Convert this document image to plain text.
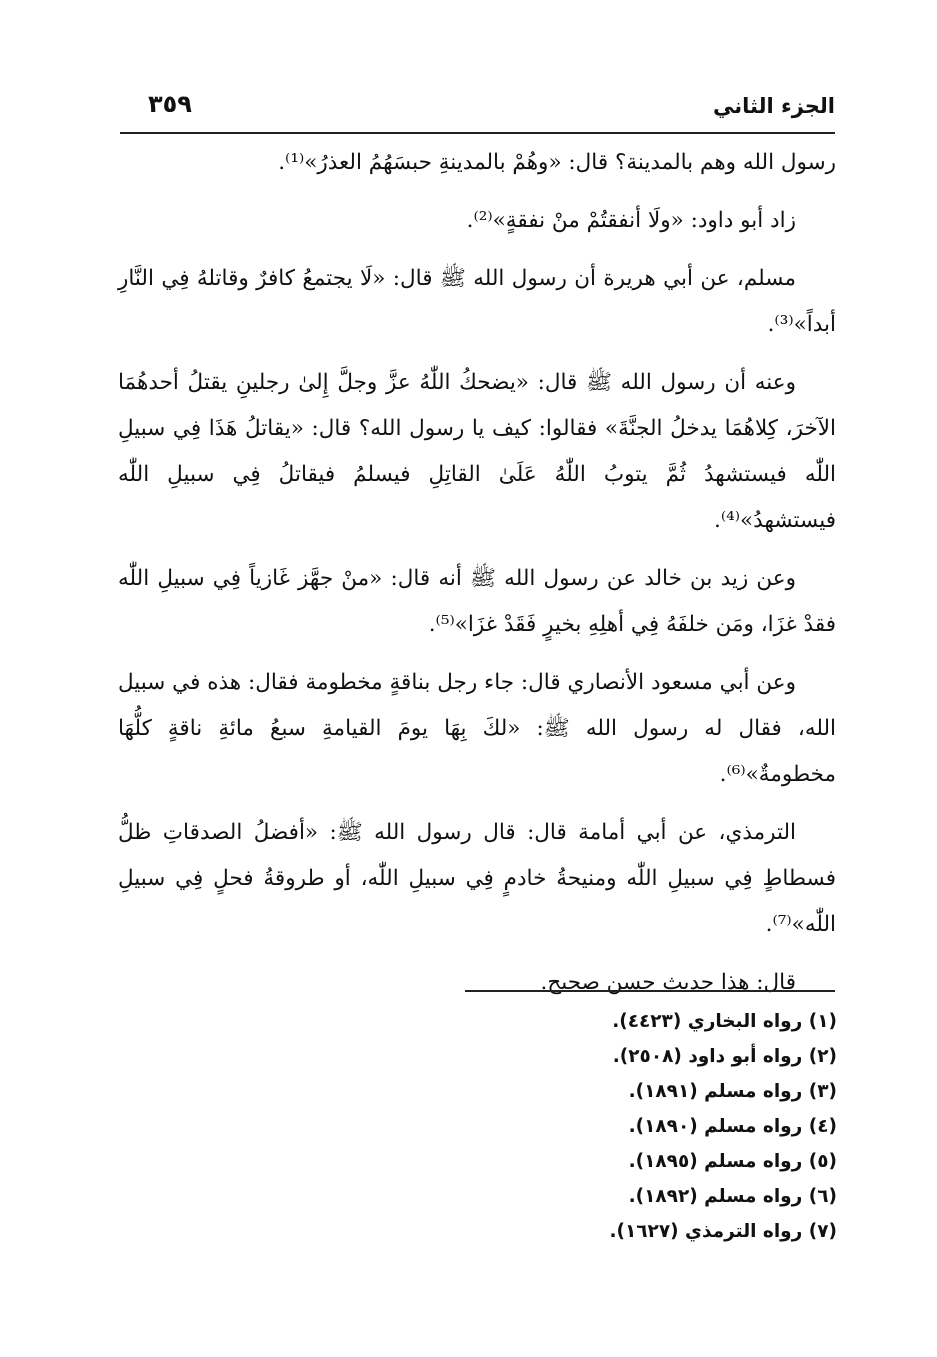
الجزء الثاني
٣٥٩

رسول الله وهم بالمدينة؟ قال: «وهُمْ بالمدينةِ حبسَهُمُ العذرُ»⁽¹⁾.

زاد أبو داود: «ولَا أنفقتُمْ منْ نفقةٍ»⁽²⁾.

مسلم، عن أبي هريرة أن رسول الله ﷺ قال: «لَا يجتمعُ كافرٌ وقاتلهُ فِي النَّارِ أبداً»⁽³⁾.

وعنه أن رسول الله ﷺ قال: «يضحكُ اللّٰهُ عزَّ وجلَّ إِلىٰ رجلينِ يقتلُ أحدهُمَا الآخرَ، كِلاهُمَا يدخلُ الجنَّةَ» فقالوا: كيف يا رسول الله؟ قال: «يقاتلُ هَذَا فِي سبيلِ اللّٰه فيستشهدُ ثُمَّ يتوبُ اللّٰهُ عَلَىٰ القاتِلِ فيسلمُ فيقاتلُ فِي سبيلِ اللّٰه فيستشهدُ»⁽⁴⁾.

وعن زيد بن خالد عن رسول الله ﷺ أنه قال: «منْ جهَّز غَازياً فِي سبيلِ اللّٰه فقدْ غزَا، ومَن خلفَهُ فِي أهلِهِ بخيرٍ فَقَدْ غزَا»⁽⁵⁾.

وعن أبي مسعود الأنصاري قال: جاء رجل بناقةٍ مخطومة فقال: هذه في سبيل الله، فقال له رسول الله ﷺ: «لكَ بِهَا يومَ القيامةِ سبعُ مائةِ ناقةٍ كلُّهَا مخطومةٌ»⁽⁶⁾.

الترمذي، عن أبي أمامة قال: قال رسول الله ﷺ: «أفضلُ الصدقاتِ ظلُّ فسطاطٍ فِي سبيلِ اللّٰه ومنيحةُ خادمٍ فِي سبيلِ اللّٰه، أو طروقةُ فحلٍ فِي سبيلِ اللّٰه»⁽⁷⁾.

قال: هذا حديث حسن صحيح.

(١) رواه البخاري (٤٤٢٣).
(٢) رواه أبو داود (٢٥٠٨).
(٣) رواه مسلم (١٨٩١).
(٤) رواه مسلم (١٨٩٠).
(٥) رواه مسلم (١٨٩٥).
(٦) رواه مسلم (١٨٩٢).
(٧) رواه الترمذي (١٦٢٧).
